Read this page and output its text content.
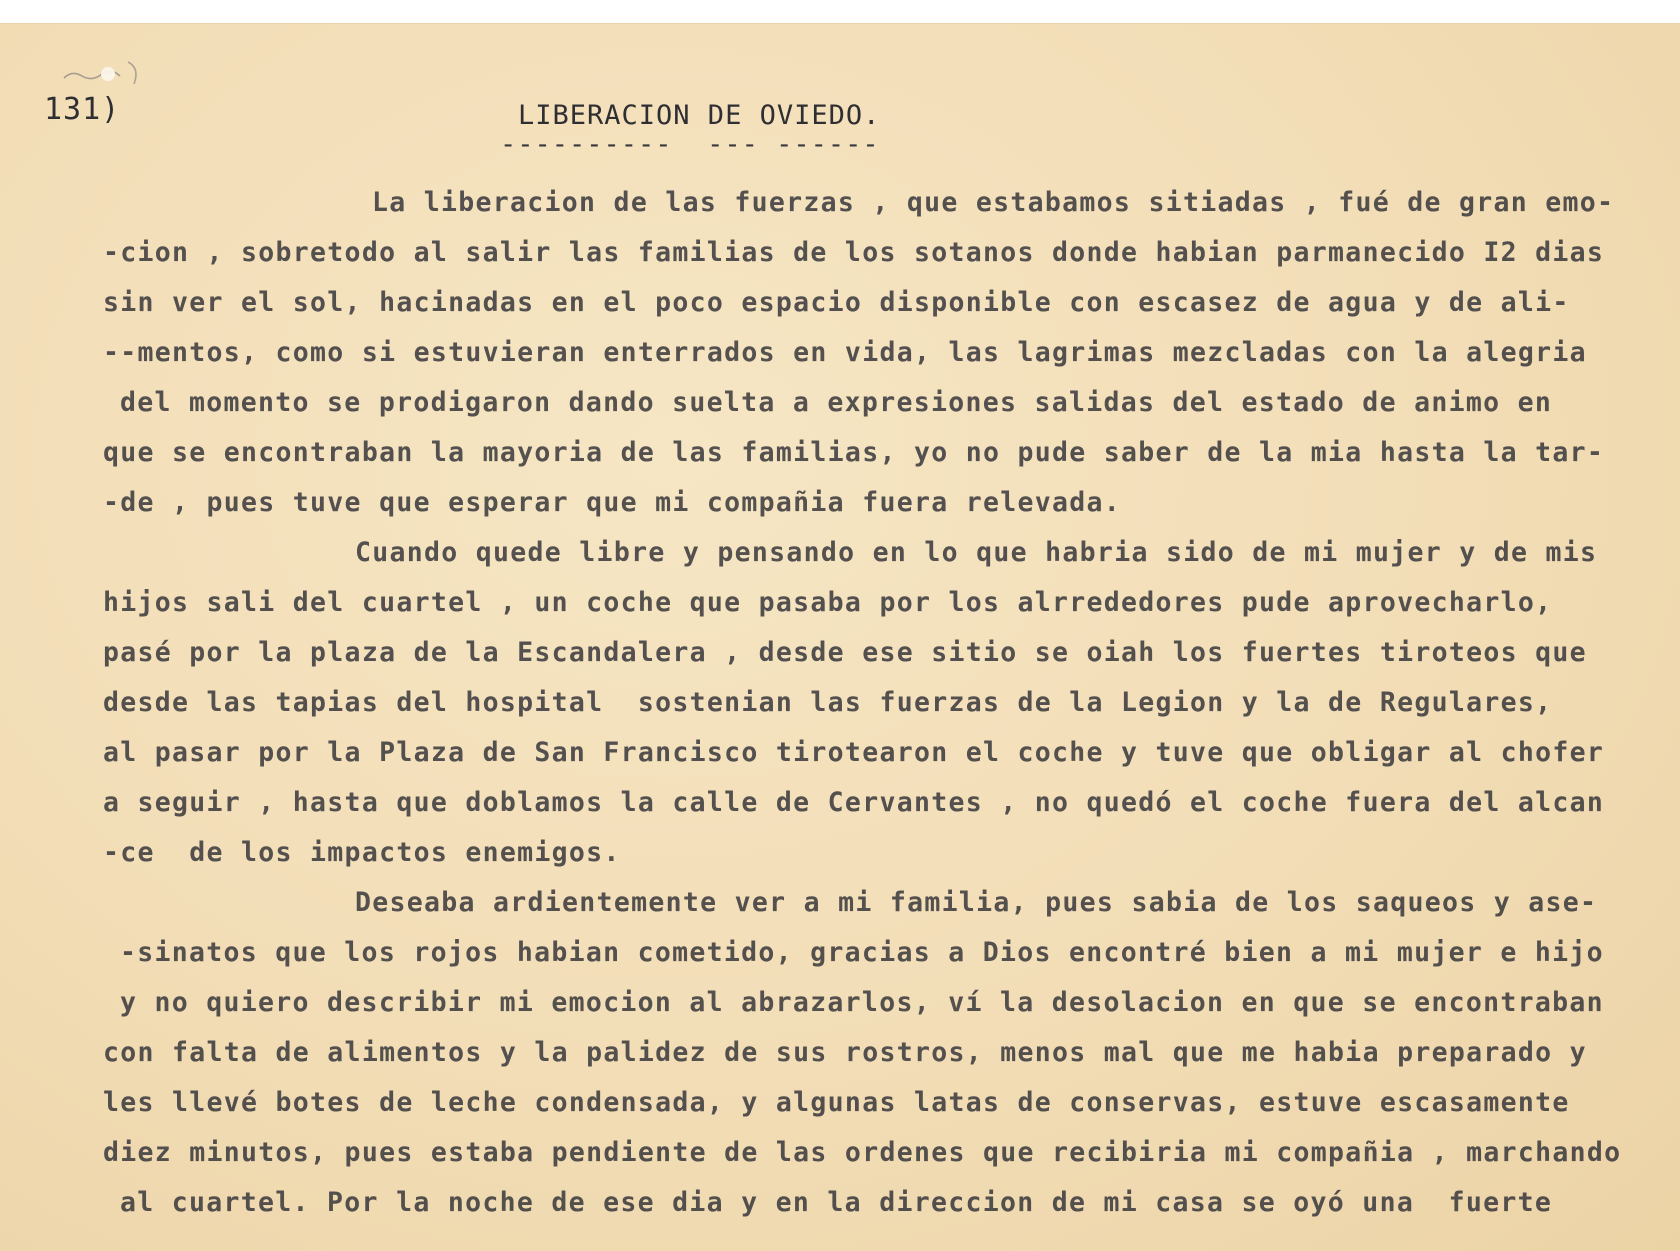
131)	LIBERACION DE OVIEDO.
----------  --- ------
La liberacion de las fuerzas , que estabamos sitiadas , fué de gran emo-
-cion , sobretodo al salir las familias de los sotanos donde habian parmanecido I2 dias
sin ver el sol, hacinadas en el poco espacio disponible con escasez de agua y de ali-
--mentos, como si estuvieran enterrados en vida, las lagrimas mezcladas con la alegria
del momento se prodigaron dando suelta a expresiones salidas del estado de animo en
que se encontraban la mayoria de las familias, yo no pude saber de la mia hasta la tar-
-de , pues tuve que esperar que mi compañia fuera relevada.
Cuando quede libre y pensando en lo que habria sido de mi mujer y de mis
hijos sali del cuartel , un coche que pasaba por los alrrededores pude aprovecharlo,
pasé por la plaza de la Escandalera , desde ese sitio se oiah los fuertes tiroteos que
desde las tapias del hospital  sostenian las fuerzas de la Legion y la de Regulares,
al pasar por la Plaza de San Francisco tirotearon el coche y tuve que obligar al chofer
a seguir , hasta que doblamos la calle de Cervantes , no quedó el coche fuera del alcan
-ce  de los impactos enemigos.
Deseaba ardientemente ver a mi familia, pues sabia de los saqueos y ase-
-sinatos que los rojos habian cometido, gracias a Dios encontré bien a mi mujer e hijo
y no quiero describir mi emocion al abrazarlos, ví la desolacion en que se encontraban
con falta de alimentos y la palidez de sus rostros, menos mal que me habia preparado y
les llevé botes de leche condensada, y algunas latas de conservas, estuve escasamente
diez minutos, pues estaba pendiente de las ordenes que recibiria mi compañia , marchando
al cuartel. Por la noche de ese dia y en la direccion de mi casa se oyó una  fuerte
